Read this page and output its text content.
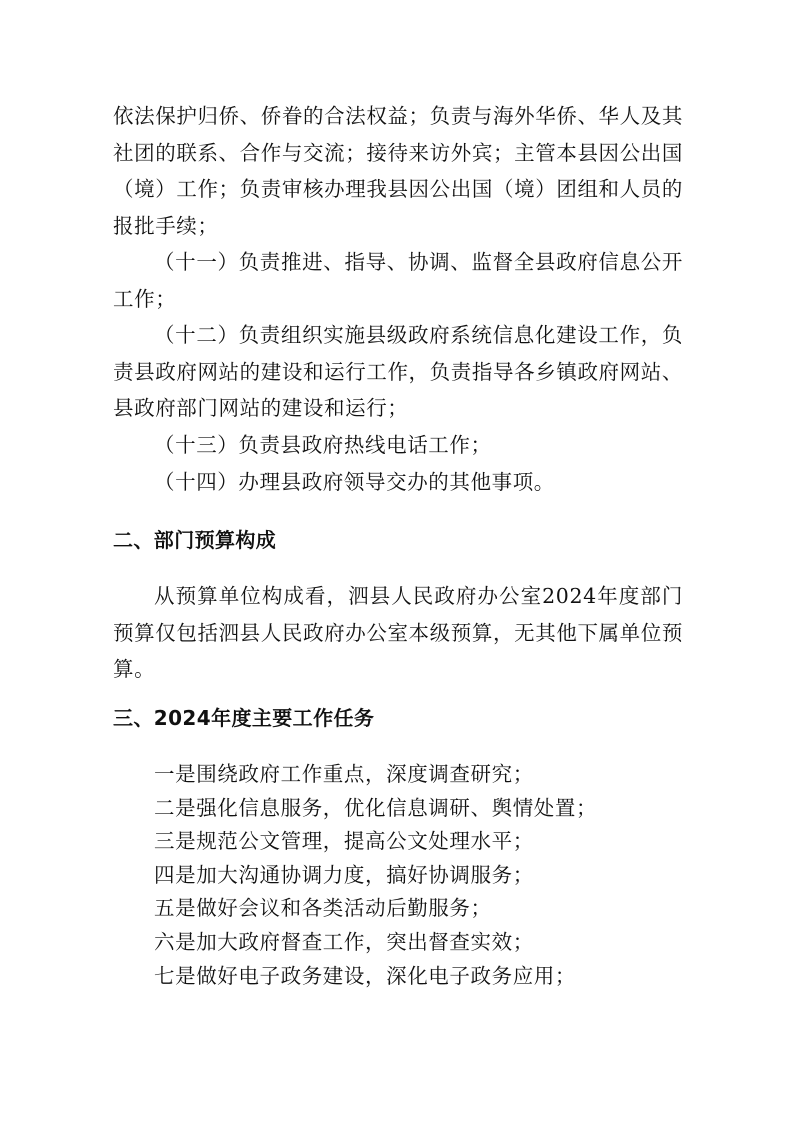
依法保护归侨、侨眷的合法权益；负责与海外华侨、华人及其社团的联系、合作与交流；接待来访外宾；主管本县因公出国（境）工作；负责审核办理我县因公出国（境）团组和人员的报批手续；

（十一）负责推进、指导、协调、监督全县政府信息公开工作；

（十二）负责组织实施县级政府系统信息化建设工作，负责县政府网站的建设和运行工作，负责指导各乡镇政府网站、县政府部门网站的建设和运行；

（十三）负责县政府热线电话工作；

（十四）办理县政府领导交办的其他事项。

二、部门预算构成

从预算单位构成看，泗县人民政府办公室2024年度部门预算仅包括泗县人民政府办公室本级预算，无其他下属单位预算。

三、2024年度主要工作任务
一是围绕政府工作重点，深度调查研究；
二是强化信息服务，优化信息调研、舆情处置；
三是规范公文管理，提高公文处理水平；
四是加大沟通协调力度，搞好协调服务；
五是做好会议和各类活动后勤服务；
六是加大政府督查工作，突出督查实效；
七是做好电子政务建设，深化电子政务应用；
